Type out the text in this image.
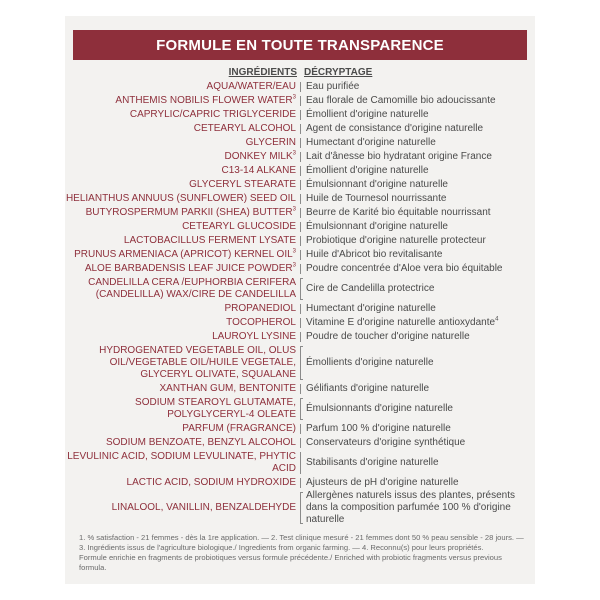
FORMULE EN TOUTE TRANSPARENCE
INGRÉDIENTS DÉCRYPTAGE
AQUA/WATER/EAU Eau purifiée
ANTHEMIS NOBILIS FLOWER WATER$^3$ Eau florale de Camomille bio adoucissante
CAPRYLIC/CAPRIC TRIGLYCERIDE Émollient d'origine naturelle
CETEARYL ALCOHOL Agent de consistance d'origine naturelle
GLYCERIN Humectant d'origine naturelle
DONKEY MILK$^3$ Lait d'ânesse bio hydratant origine France
C13-14 ALKANE Émollient d'origine naturelle
GLYCERYL STEARATE Émulsionnant d'origine naturelle
HELIANTHUS ANNUUS (SUNFLOWER) SEED OIL Huile de Tournesol nourrissante
BUTYROSPERMUM PARKII (SHEA) BUTTER$^3$ Beurre de Karité bio équitable nourrissant
CETEARYL GLUCOSIDE Émulsionnant d'origine naturelle
LACTOBACILLUS FERMENT LYSATE Probiotique d'origine naturelle protecteur
PRUNUS ARMENIACA (APRICOT) KERNEL OIL$^3$ Huile d'Abricot bio revitalisante
ALOE BARBADENSIS LEAF JUICE POWDER$^3$ Poudre concentrée d'Aloe vera bio équitable
CANDELILLA CERA /EUPHORBIA CERIFERA (CANDELILLA) WAX/CIRE DE CANDELILLA
Cire de Candelilla protectrice
PROPANEDIOL Humectant d'origine naturelle
TOCOPHEROL Vitamine E d'origine naturelle antioxydante$^4$
LAUROYL LYSINE Poudre de toucher d'origine naturelle
HYDROGENATED VEGETABLE OIL, OLUS OIL/VEGETABLE OIL/HUILE VEGETALE, GLYCERYL OLIVATE, SQUALANE
Émollients d'origine naturelle
XANTHAN GUM, BENTONITE Gélifiants d'origine naturelle
SODIUM STEAROYL GLUTAMATE, POLYGLYCERYL-4 OLEATE
Émulsionnants d'origine naturelle
PARFUM (FRAGRANCE) Parfum 100 % d'origine naturelle
SODIUM BENZOATE, BENZYL ALCOHOL Conservateurs d'origine synthétique
LEVULINIC ACID, SODIUM LEVULINATE, PHYTIC ACID
Stabilisants d'origine naturelle
LACTIC ACID, SODIUM HYDROXIDE Ajusteurs de pH d'origine naturelle
LINALOOL, VANILLIN, BENZALDEHYDE
Allergènes naturels issus des plantes, présents dans la composition parfumée 100 % d'origine naturelle

1. % satisfaction - 21 femmes - dès la 1re application. — 2. Test clinique mesuré - 21 femmes dont 50 % peau sensible - 28 jours. — 3. Ingrédients issus de l'agriculture biologique./ Ingredients from organic farming. — 4. Reconnu(s) pour leurs propriétés.

Formule enrichie en fragments de probiotiques versus formule précédente./ Enriched with probiotic fragments versus previous formula.
